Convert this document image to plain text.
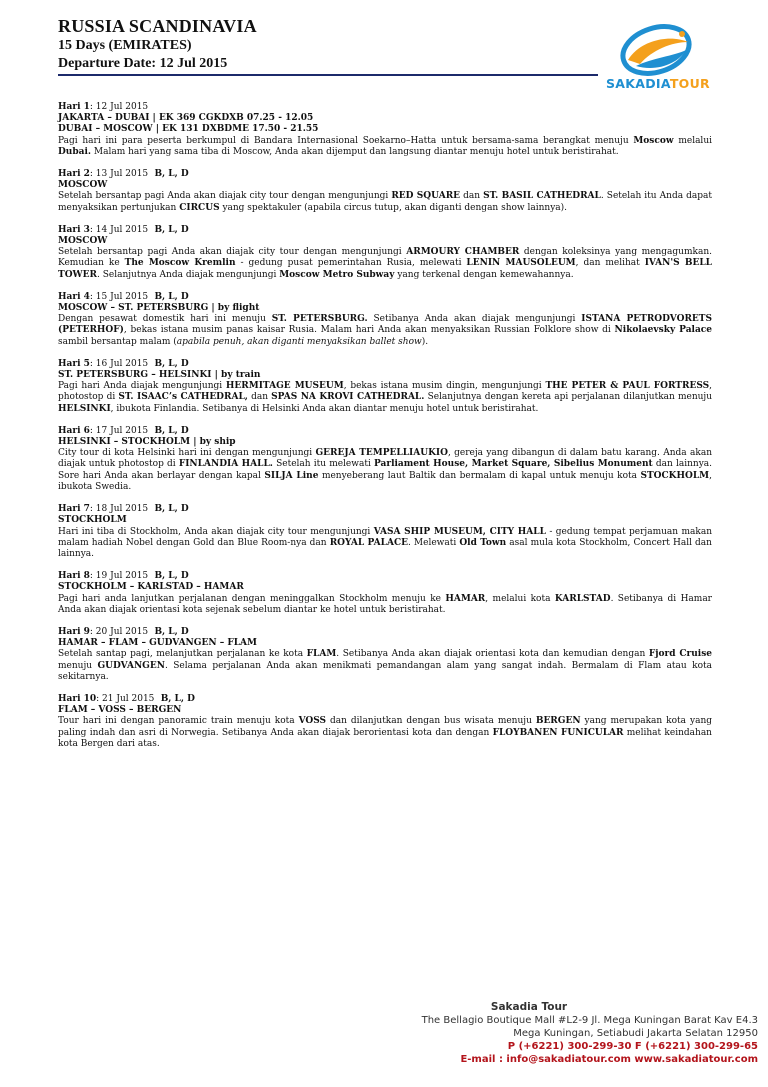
RUSSIA SCANDINAVIA
15 Days (EMIRATES)
Departure Date: 12 Jul 2015
SAKADIATOUR
Hari 1: 12 Jul 2015
JAKARTA – DUBAI | EK 369 CGKDXB 07.25 - 12.05
DUBAI – MOSCOW | EK 131 DXBDME 17.50 - 21.55

Pagi hari ini para peserta berkumpul di Bandara Internasional Soekarno–Hatta untuk bersama-sama berangkat menuju Moscow melalui Dubai. Malam hari yang sama tiba di Moscow, Anda akan dijemput dan langsung diantar menuju hotel untuk beristirahat.

Hari 2: 13 Jul 2015  B, L, D
MOSCOW

Setelah bersantap pagi Anda akan diajak city tour dengan mengunjungi RED SQUARE dan ST. BASIL CATHEDRAL. Setelah itu Anda dapat menyaksikan pertunjukan CIRCUS yang spektakuler (apabila circus tutup, akan diganti dengan show lainnya).

Hari 3: 14 Jul 2015  B, L, D
MOSCOW

Setelah bersantap pagi Anda akan diajak city tour dengan mengunjungi ARMOURY CHAMBER dengan koleksinya yang mengagumkan. Kemudian ke The Moscow Kremlin - gedung pusat pemerintahan Rusia, melewati LENIN MAUSOLEUM, dan melihat IVAN'S BELL TOWER. Selanjutnya Anda diajak mengunjungi Moscow Metro Subway yang terkenal dengan kemewahannya.

Hari 4: 15 Jul 2015  B, L, D
MOSCOW – ST. PETERSBURG | by flight

Dengan pesawat domestik hari ini menuju ST. PETERSBURG. Setibanya Anda akan diajak mengunjungi ISTANA PETRODVORETS (PETERHOF), bekas istana musim panas kaisar Rusia. Malam hari Anda akan menyaksikan Russian Folklore show di Nikolaevsky Palace sambil bersantap malam (apabila penuh, akan diganti menyaksikan ballet show).

Hari 5: 16 Jul 2015  B, L, D
ST. PETERSBURG – HELSINKI | by train

Pagi hari Anda diajak mengunjungi HERMITAGE MUSEUM, bekas istana musim dingin, mengunjungi THE PETER & PAUL FORTRESS, photostop di ST. ISAAC’s CATHEDRAL, dan SPAS NA KROVI CATHEDRAL. Selanjutnya dengan kereta api perjalanan dilanjutkan menuju HELSINKI, ibukota Finlandia. Setibanya di Helsinki Anda akan diantar menuju hotel untuk beristirahat.

Hari 6: 17 Jul 2015  B, L, D
HELSINKI – STOCKHOLM | by ship

City tour di kota Helsinki hari ini dengan mengunjungi GEREJA TEMPELLIAUKIO, gereja yang dibangun di dalam batu karang. Anda akan diajak untuk photostop di FINLANDIA HALL. Setelah itu melewati Parliament House, Market Square, Sibelius Monument dan lainnya. Sore hari Anda akan berlayar dengan kapal SILJA Line menyeberang laut Baltik dan bermalam di kapal untuk menuju kota STOCKHOLM, ibukota Swedia.

Hari 7: 18 Jul 2015  B, L, D
STOCKHOLM

Hari ini tiba di Stockholm, Anda akan diajak city tour mengunjungi VASA SHIP MUSEUM, CITY HALL - gedung tempat perjamuan makan malam hadiah Nobel dengan Gold dan Blue Room-nya dan ROYAL PALACE. Melewati Old Town asal mula kota Stockholm, Concert Hall dan lainnya.

Hari 8: 19 Jul 2015  B, L, D
STOCKHOLM – KARLSTAD – HAMAR

Pagi hari anda lanjutkan perjalanan dengan meninggalkan Stockholm menuju ke HAMAR, melalui kota KARLSTAD. Setibanya di Hamar Anda akan diajak orientasi kota sejenak sebelum diantar ke hotel untuk beristirahat.

Hari 9: 20 Jul 2015  B, L, D
HAMAR – FLAM – GUDVANGEN – FLAM

Setelah santap pagi, melanjutkan perjalanan ke kota FLAM. Setibanya Anda akan diajak orientasi kota dan kemudian dengan Fjord Cruise menuju GUDVANGEN. Selama perjalanan Anda akan menikmati pemandangan alam yang sangat indah. Bermalam di Flam atau kota sekitarnya.

Hari 10: 21 Jul 2015  B, L, D
FLAM – VOSS – BERGEN

Tour hari ini dengan panoramic train menuju kota VOSS dan dilanjutkan dengan bus wisata menuju BERGEN yang merupakan kota yang paling indah dan asri di Norwegia. Setibanya Anda akan diajak berorientasi kota dan dengan FLOYBANEN FUNICULAR melihat keindahan kota Bergen dari atas.

Sakadia Tour
The Bellagio Boutique Mall #L2-9 Jl. Mega Kuningan Barat Kav E4.3
Mega Kuningan, Setiabudi Jakarta Selatan 12950
P (+6221) 300-299-30 F (+6221) 300-299-65
E-mail : info@sakadiatour.com www.sakadiatour.com
